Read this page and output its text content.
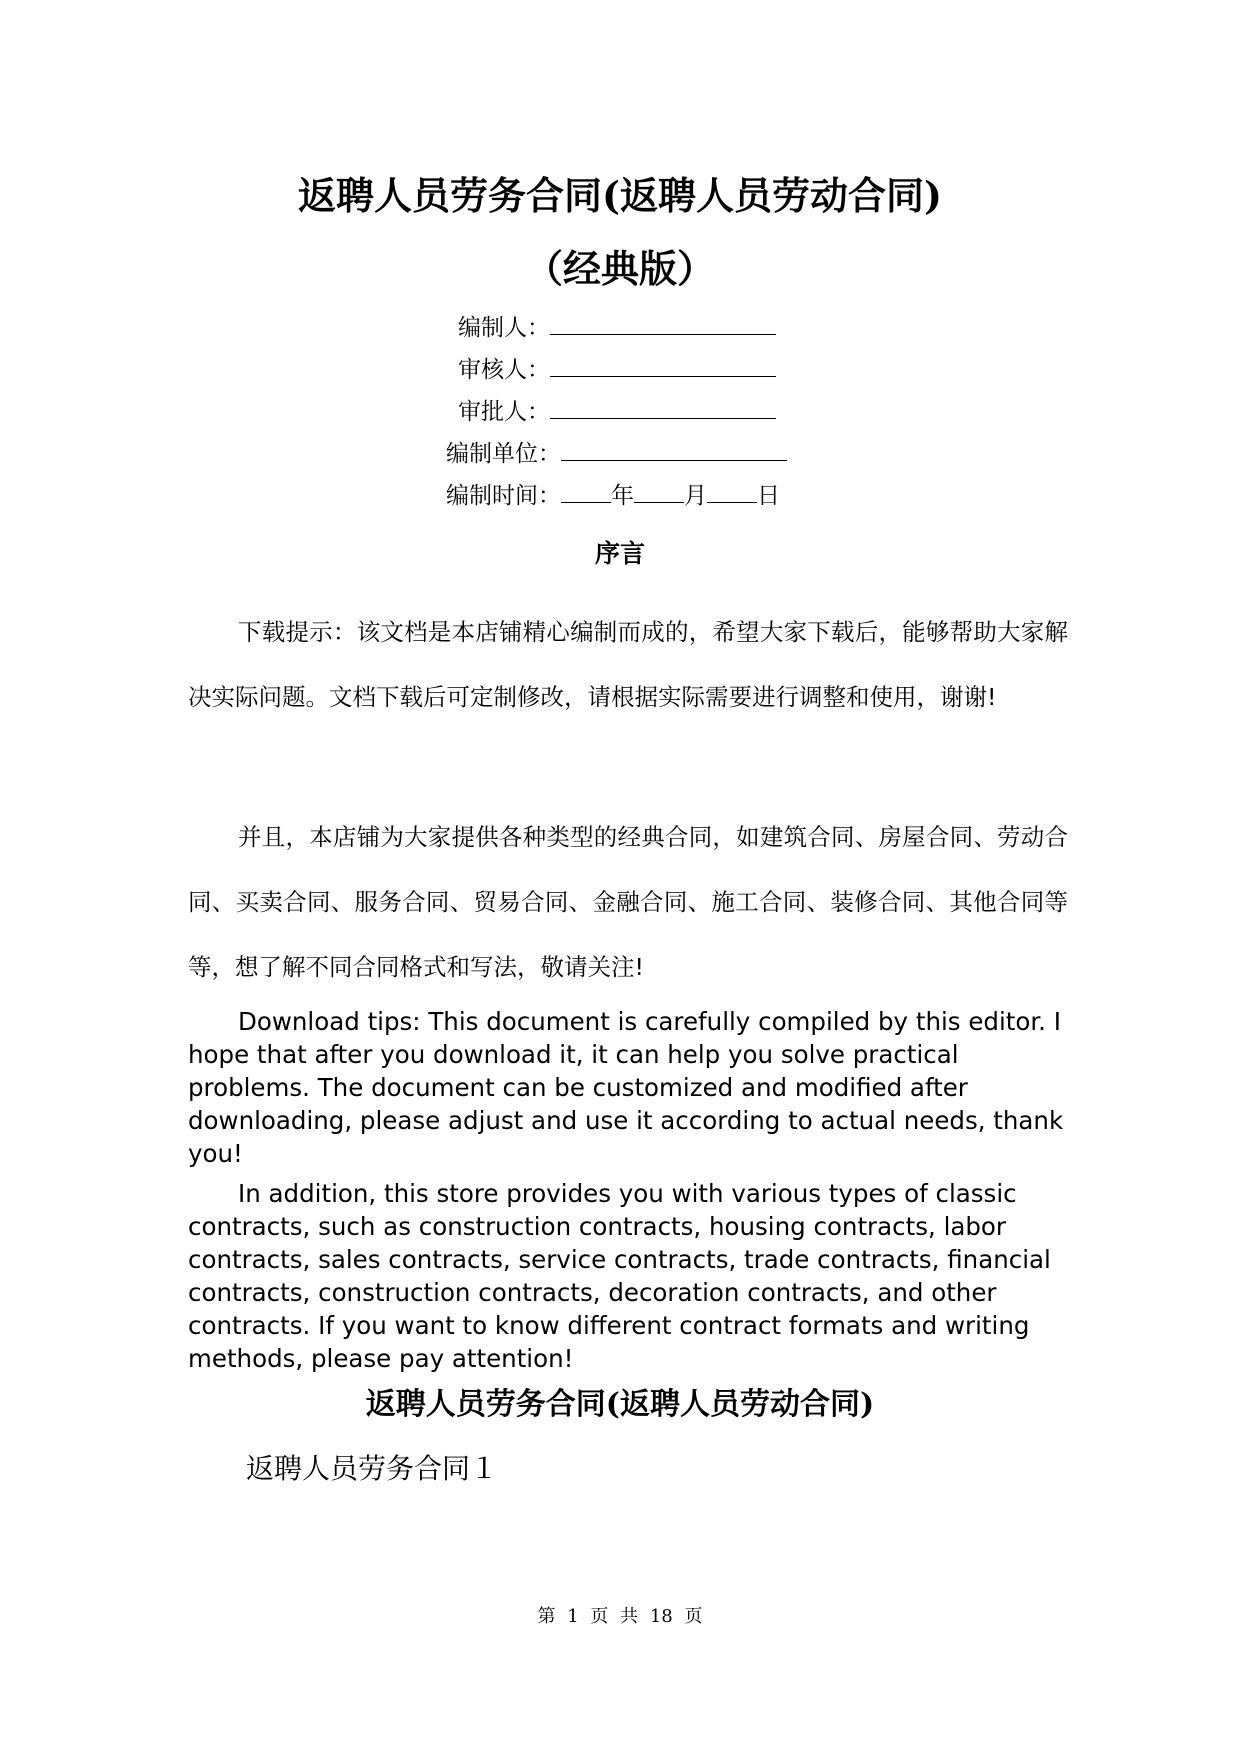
返聘人员劳务合同(返聘人员劳动合同)
（经典版）
编制人：
审核人：
审批人：
编制单位：
编制时间： 年 月 日
序言
下载提示：该文档是本店铺精心编制而成的，希望大家下载后，能够帮助大家解决实际问题。文档下载后可定制修改，请根据实际需要进行调整和使用，谢谢!
并且，本店铺为大家提供各种类型的经典合同，如建筑合同、房屋合同、劳动合同、买卖合同、服务合同、贸易合同、金融合同、施工合同、装修合同、其他合同等等，想了解不同合同格式和写法，敬请关注!
Download tips: This document is carefully compiled by this editor. I hope that after you download it, it can help you solve practical problems. The document can be customized and modified after downloading, please adjust and use it according to actual needs, thank you!
In addition, this store provides you with various types of classic contracts, such as construction contracts, housing contracts, labor contracts, sales contracts, service contracts, trade contracts, financial contracts, construction contracts, decoration contracts, and other contracts. If you want to know different contract formats and writing methods, please pay attention!
返聘人员劳务合同(返聘人员劳动合同)
返聘人员劳务合同１
第 1 页 共 18 页
